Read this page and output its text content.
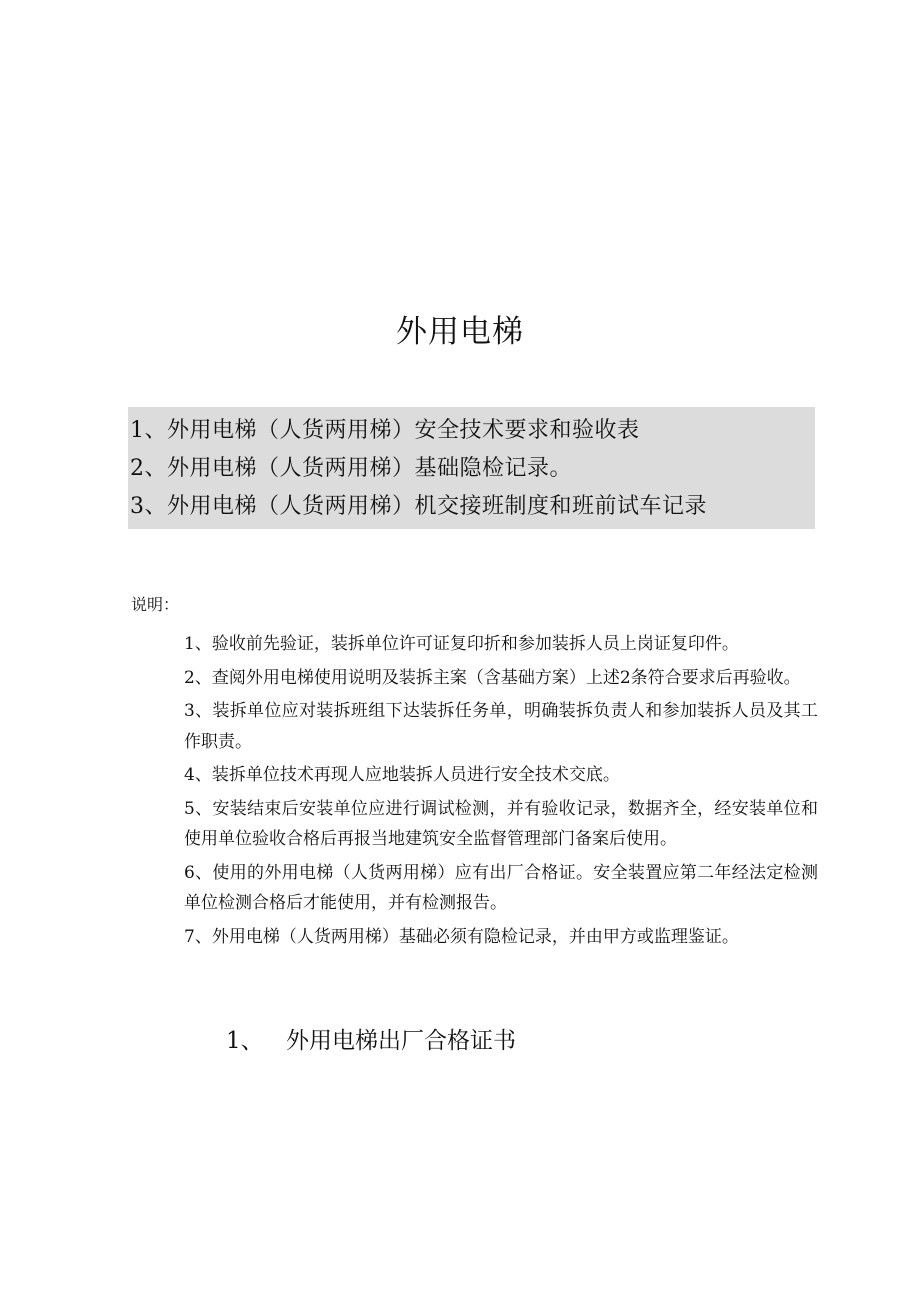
外用电梯
1、外用电梯（人货两用梯）安全技术要求和验收表
2、外用电梯（人货两用梯）基础隐检记录。
3、外用电梯（人货两用梯）机交接班制度和班前试车记录
说明：
1、验收前先验证，装拆单位许可证复印折和参加装拆人员上岗证复印件。
2、查阅外用电梯使用说明及装拆主案（含基础方案）上述2条符合要求后再验收。
3、装拆单位应对装拆班组下达装拆任务单，明确装拆负责人和参加装拆人员及其工作职责。
4、装拆单位技术再现人应地装拆人员进行安全技术交底。
5、安装结束后安装单位应进行调试检测，并有验收记录，数据齐全，经安装单位和使用单位验收合格后再报当地建筑安全监督管理部门备案后使用。
6、使用的外用电梯（人货两用梯）应有出厂合格证。安全装置应第二年经法定检测单位检测合格后才能使用，并有检测报告。
7、外用电梯（人货两用梯）基础必须有隐检记录，并由甲方或监理鉴证。
1、 外用电梯出厂合格证书
